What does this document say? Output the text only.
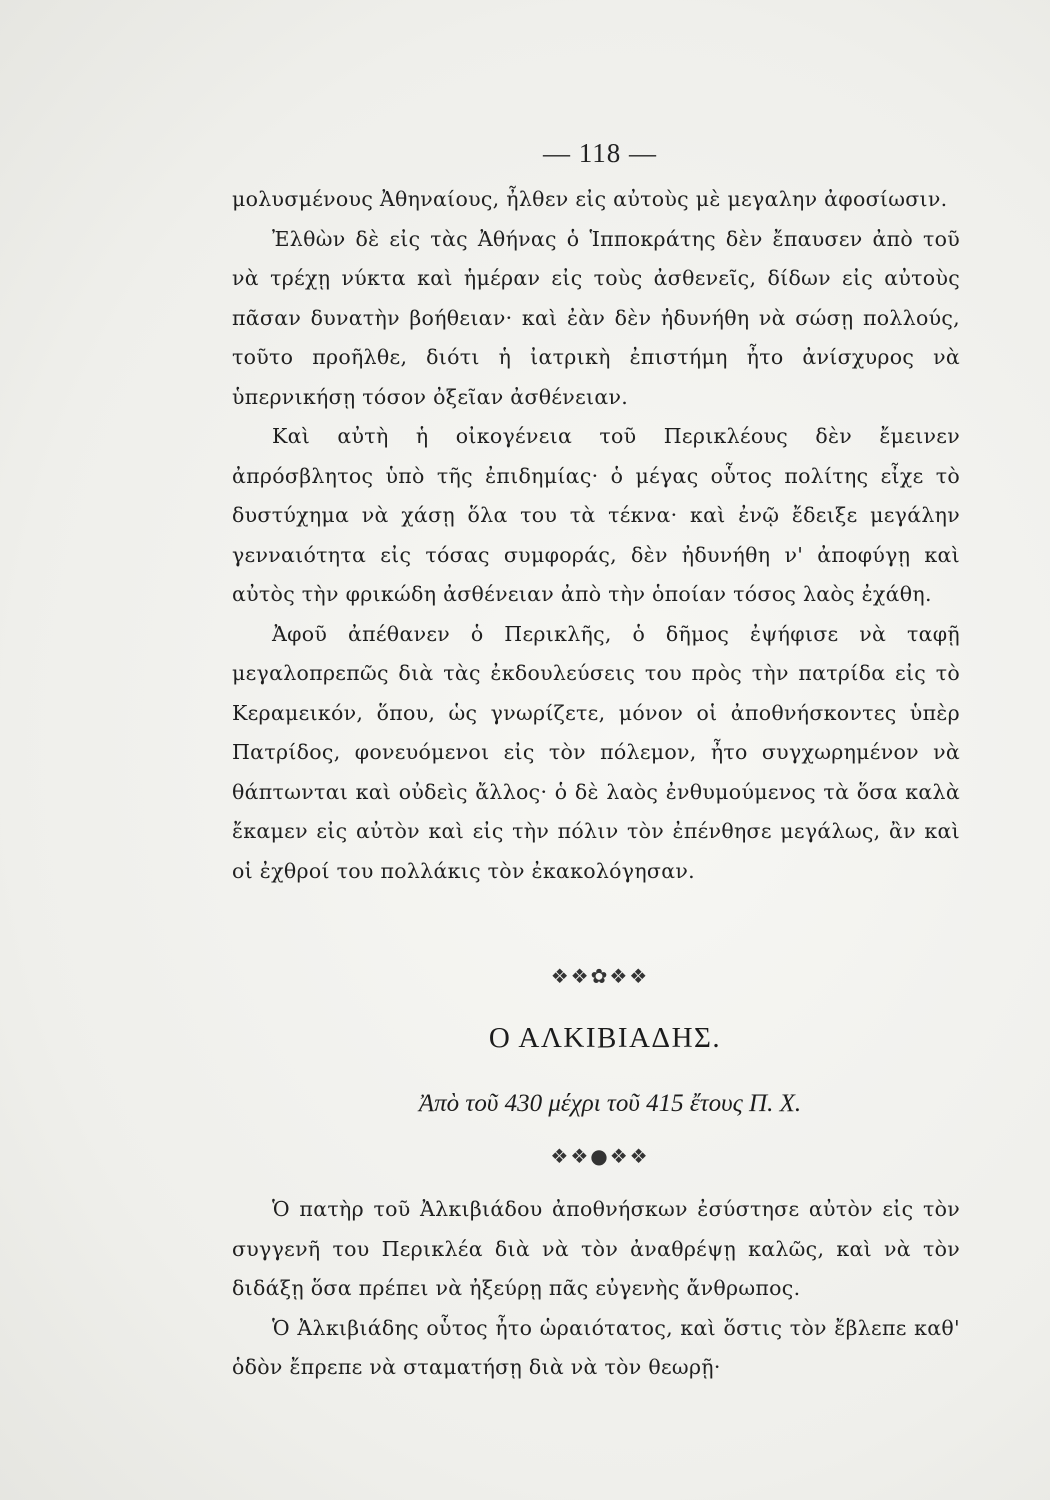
— 118 —

μολυσμένους Ἀθηναίους, ἦλθεν εἰς αὐτοὺς μὲ μεγαλην ἀφοσίωσιν.

Ἐλθὼν δὲ εἰς τὰς Ἀθήνας ὁ Ἱπποκράτης δὲν ἔπαυσεν ἀπὸ τοῦ νὰ τρέχῃ νύκτα καὶ ἡμέραν εἰς τοὺς ἀσθενεῖς, δίδων εἰς αὐτοὺς πᾶσαν δυνατὴν βοήθειαν· καὶ ἐὰν δὲν ἠδυνήθη νὰ σώσῃ πολλούς, τοῦτο προῆλθε, διότι ἡ ἰατρικὴ ἐπιστήμη ἦτο ἀνίσχυρος νὰ ὑπερνικήσῃ τόσον ὀξεῖαν ἀσθένειαν.

Καὶ αὐτὴ ἡ οἰκογένεια τοῦ Περικλέους δὲν ἔμεινεν ἀπρόσβλητος ὑπὸ τῆς ἐπιδημίας· ὁ μέγας οὗτος πολίτης εἶχε τὸ δυστύχημα νὰ χάσῃ ὅλα του τὰ τέκνα· καὶ ἐνῷ ἔδειξε μεγάλην γενναιότητα εἰς τόσας συμφοράς, δὲν ἠδυνήθη ν' ἀποφύγῃ καὶ αὐτὸς τὴν φρικώδη ἀσθένειαν ἀπὸ τὴν ὁποίαν τόσος λαὸς ἐχάθη.

Ἀφοῦ ἀπέθανεν ὁ Περικλῆς, ὁ δῆμος ἐψήφισε νὰ ταφῇ μεγαλοπρεπῶς διὰ τὰς ἐκδουλεύσεις του πρὸς τὴν πατρίδα εἰς τὸ Κεραμεικόν, ὅπου, ὡς γνωρίζετε, μόνον οἱ ἀποθνήσκοντες ὑπὲρ Πατρίδος, φονευόμενοι εἰς τὸν πόλεμον, ἦτο συγχωρημένον νὰ θάπτωνται καὶ οὐδεὶς ἄλλος· ὁ δὲ λαὸς ἐνθυμούμενος τὰ ὅσα καλὰ ἔκαμεν εἰς αὐτὸν καὶ εἰς τὴν πόλιν τὸν ἐπένθησε μεγάλως, ἂν καὶ οἱ ἐχθροί του πολλάκις τὸν ἐκακολόγησαν.

❖❖✿❖❖
Ο ΑΛΚΙΒΙΑΔΗΣ.
Ἀπὸ τοῦ 430 μέχρι τοῦ 415 ἔτους Π. Χ.
❖❖●❖❖

Ὁ πατὴρ τοῦ Ἀλκιβιάδου ἀποθνήσκων ἐσύστησε αὐτὸν εἰς τὸν συγγενῆ του Περικλέα διὰ νὰ τὸν ἀναθρέψῃ καλῶς, καὶ νὰ τὸν διδάξῃ ὅσα πρέπει νὰ ἠξεύρῃ πᾶς εὐγενὴς ἄνθρωπος.

Ὁ Ἀλκιβιάδης οὗτος ἦτο ὡραιότατος, καὶ ὅστις τὸν ἔβλεπε καθ' ὁδὸν ἔπρεπε νὰ σταματήσῃ διὰ νὰ τὸν θεωρῇ·
